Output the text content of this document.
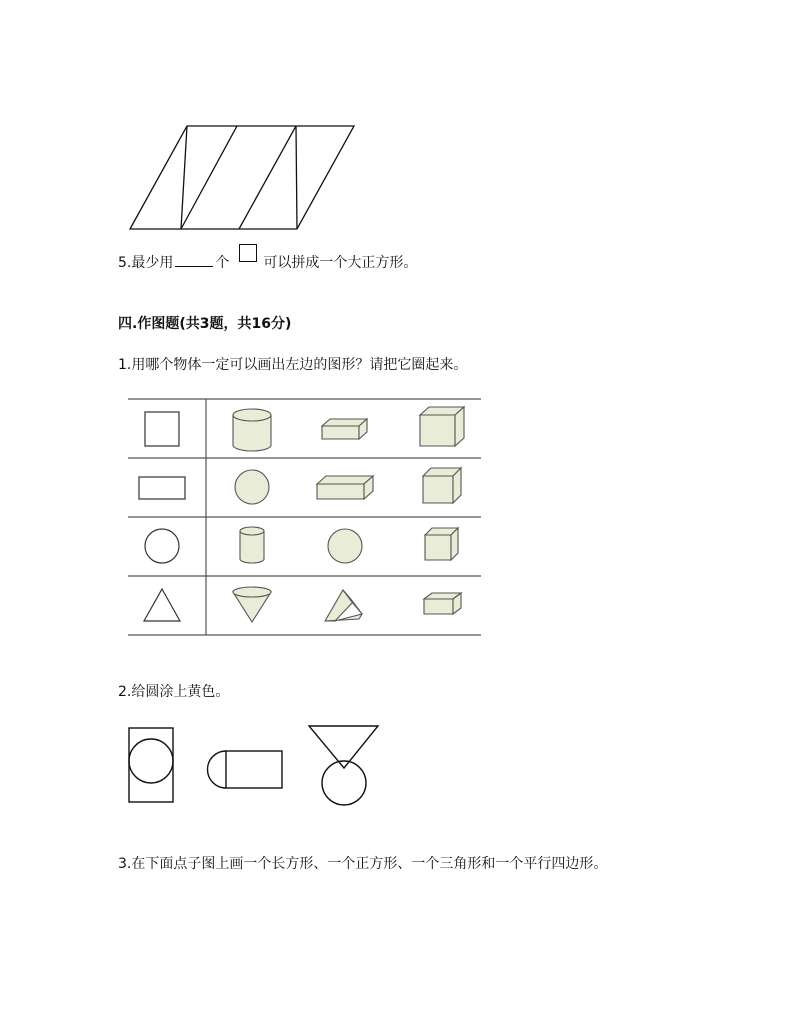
5.最少用	个 可以拼成一个大正方形。
四.作图题(共3题，共16分)
1.用哪个物体一定可以画出左边的图形？请把它圈起来。
2.给圆涂上黄色。
3.在下面点子图上画一个长方形、一个正方形、一个三角形和一个平行四边形。
